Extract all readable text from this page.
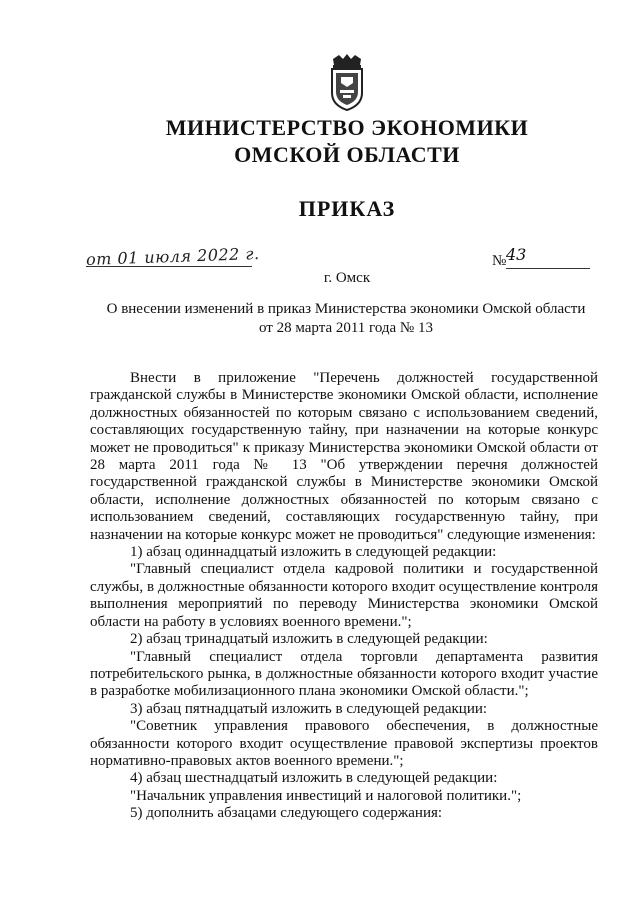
МИНИСТЕРСТВО ЭКОНОМИКИ
ОМСКОЙ ОБЛАСТИ
ПРИКАЗ
от 01 июля 2022 г.	№ 43
г. Омск
О внесении изменений в приказ Министерства экономики Омской области
от 28 марта 2011 года № 13

Внести в приложение "Перечень должностей государственной гражданской службы в Министерстве экономики Омской области, исполнение должностных обязанностей по которым связано с использованием сведений, составляющих государственную тайну, при назначении на которые конкурс может не проводиться" к приказу Министерства экономики Омской области от 28 марта 2011 года № 13 "Об утверждении перечня должностей государственной гражданской службы в Министерстве экономики Омской области, исполнение должностных обязанностей по которым связано с использованием сведений, составляющих государственную тайну, при назначении на которые конкурс может не проводиться" следующие изменения:

1) абзац одиннадцатый изложить в следующей редакции:

"Главный специалист отдела кадровой политики и государственной службы, в должностные обязанности которого входит осуществление контроля выполнения мероприятий по переводу Министерства экономики Омской области на работу в условиях военного времени.";

2) абзац тринадцатый изложить в следующей редакции:

"Главный специалист отдела торговли департамента развития потребительского рынка, в должностные обязанности которого входит участие в разработке мобилизационного плана экономики Омской области.";

3) абзац пятнадцатый изложить в следующей редакции:

"Советник управления правового обеспечения, в должностные обязанности которого входит осуществление правовой экспертизы проектов нормативно-правовых актов военного времени.";

4) абзац шестнадцатый изложить в следующей редакции:

"Начальник управления инвестиций и налоговой политики.";

5) дополнить абзацами следующего содержания:
